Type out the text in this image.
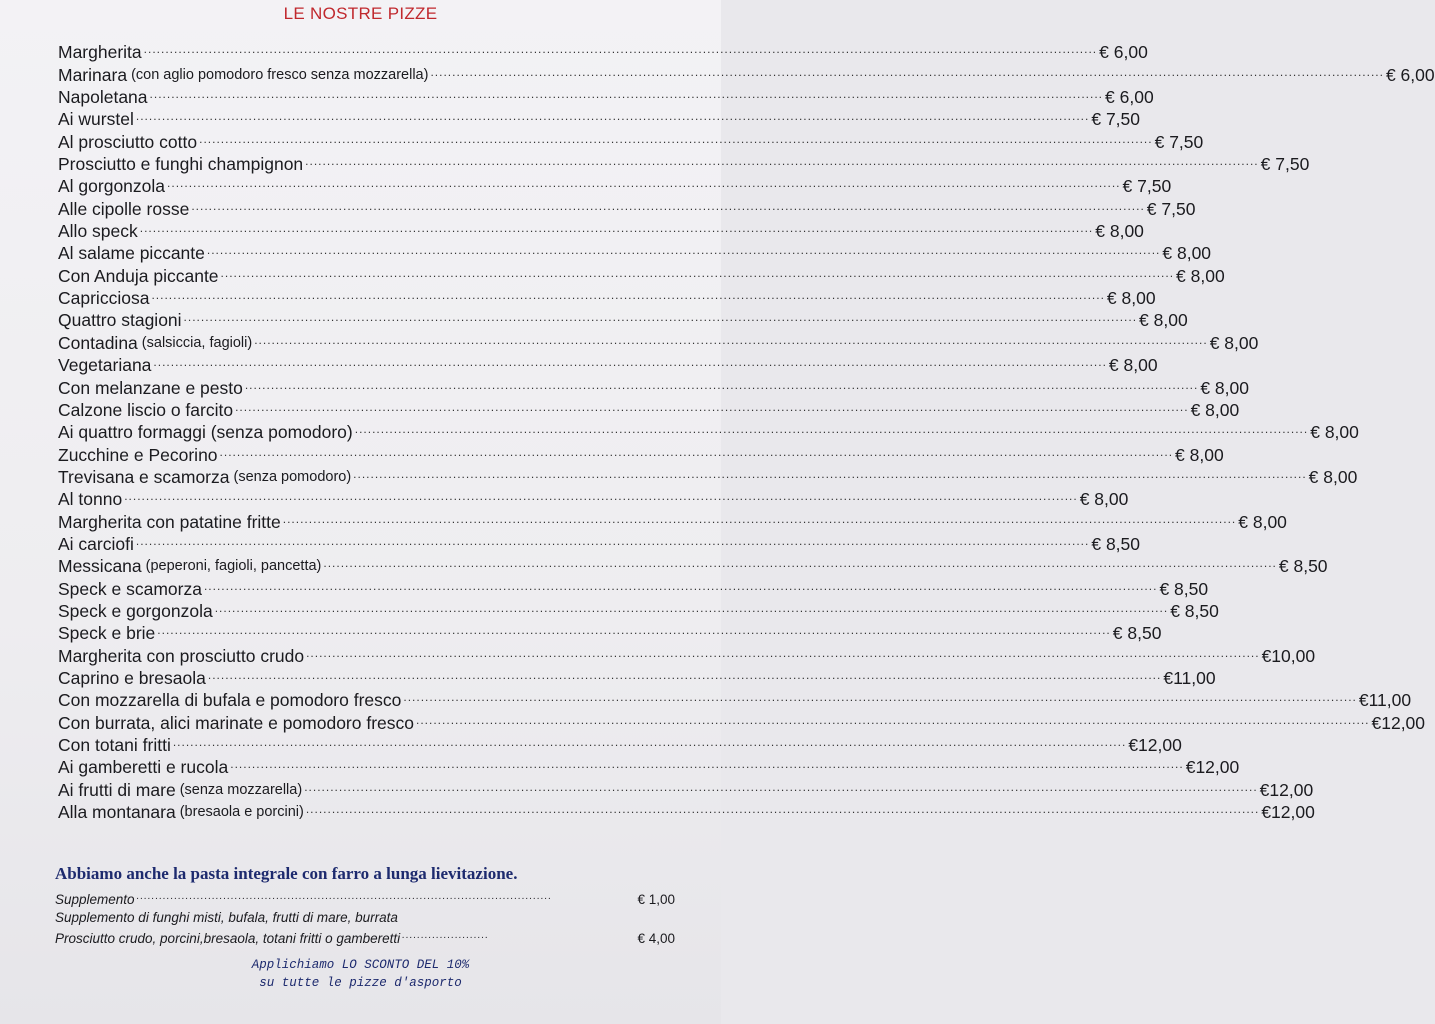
LE NOSTRE PIZZE
Margherita ............................................................................................................................................................................................................................ € 6,00
Marinara (con aglio pomodoro fresco senza mozzarella) ............................................................................................................................................................................................................................ € 6,00
Napoletana ............................................................................................................................................................................................................................ € 6,00
Ai wurstel ............................................................................................................................................................................................................................ € 7,50
Al prosciutto cotto ............................................................................................................................................................................................................................ € 7,50
Prosciutto e funghi champignon ............................................................................................................................................................................................................................ € 7,50
Al gorgonzola ............................................................................................................................................................................................................................ € 7,50
Alle cipolle rosse ............................................................................................................................................................................................................................ € 7,50
Allo speck ............................................................................................................................................................................................................................ € 8,00
Al salame piccante ............................................................................................................................................................................................................................ € 8,00
Con Anduja piccante ............................................................................................................................................................................................................................ € 8,00
Capricciosa ............................................................................................................................................................................................................................ € 8,00
Quattro stagioni ............................................................................................................................................................................................................................ € 8,00
Contadina (salsiccia, fagioli) ............................................................................................................................................................................................................................ € 8,00
Vegetariana ............................................................................................................................................................................................................................ € 8,00
Con melanzane e pesto ............................................................................................................................................................................................................................ € 8,00
Calzone liscio o farcito ............................................................................................................................................................................................................................ € 8,00
Ai quattro formaggi (senza pomodoro) ............................................................................................................................................................................................................................ € 8,00
Zucchine e Pecorino ............................................................................................................................................................................................................................ € 8,00
Trevisana e scamorza (senza pomodoro) ............................................................................................................................................................................................................................ € 8,00
Al tonno ............................................................................................................................................................................................................................ € 8,00
Margherita con patatine fritte ............................................................................................................................................................................................................................ € 8,00
Ai carciofi ............................................................................................................................................................................................................................ € 8,50
Messicana (peperoni, fagioli, pancetta) ............................................................................................................................................................................................................................ € 8,50
Speck e scamorza ............................................................................................................................................................................................................................ € 8,50
Speck e gorgonzola ............................................................................................................................................................................................................................ € 8,50
Speck e brie ............................................................................................................................................................................................................................ € 8,50
Margherita con prosciutto crudo ............................................................................................................................................................................................................................ €10,00
Caprino e bresaola ............................................................................................................................................................................................................................ €11,00
Con mozzarella di bufala e pomodoro fresco ............................................................................................................................................................................................................................ €11,00
Con burrata, alici marinate e pomodoro fresco ............................................................................................................................................................................................................................ €12,00
Con totani fritti ............................................................................................................................................................................................................................ €12,00
Ai gamberetti e rucola ............................................................................................................................................................................................................................ €12,00
Ai frutti di mare (senza mozzarella) ............................................................................................................................................................................................................................ €12,00
Alla montanara (bresaola e porcini) ............................................................................................................................................................................................................................ €12,00
Abbiamo anche la pasta integrale con farro a lunga lievitazione.
Supplemento ..............................................................................................................	€ 1,00
Supplemento di funghi misti, bufala, frutti di mare, burrata
Prosciutto crudo, porcini,bresaola, totani fritti o gamberetti .......................	€ 4,00
Applichiamo LO SCONTO DEL 10%
su tutte le pizze d'asporto
